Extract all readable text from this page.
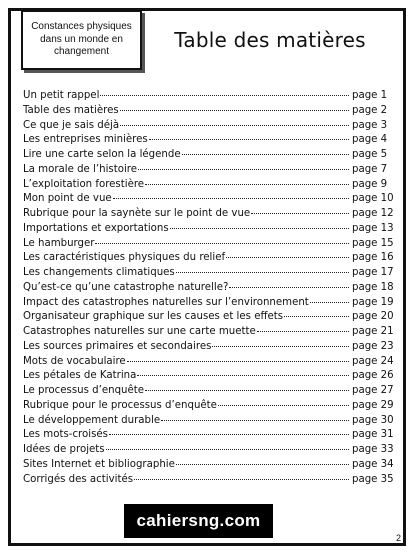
Constances physiques
dans un monde en
changement	Table des matières
Un petit rappel	page 1
Table des matières	page 2
Ce que je sais déjà	page 3
Les entreprises minières	page 4
Lire une carte selon la légende	page 5
La morale de l’histoire	page 7
L’exploitation forestière	page 9
Mon point de vue	page 10
Rubrique pour la saynète sur le point de vue	page 12
Importations et exportations	page 13
Le hamburger	page 15
Les caractéristiques physiques du relief	page 16
Les changements climatiques	page 17
Qu’est-ce qu’une catastrophe naturelle?	page 18
Impact des catastrophes naturelles sur l’environnement	page 19
Organisateur graphique sur les causes et les effets	page 20
Catastrophes naturelles sur une carte muette	page 21
Les sources primaires et secondaires	page 23
Mots de vocabulaire	page 24
Les pétales de Katrina	page 26
Le processus d’enquête	page 27
Rubrique pour le processus d’enquête	page 29
Le développement durable	page 30
Les mots-croisés	page 31
Idées de projets	page 33
Sites Internet et bibliographie	page 34
Corrigés des activités	page 35
cahiersng.com
2
